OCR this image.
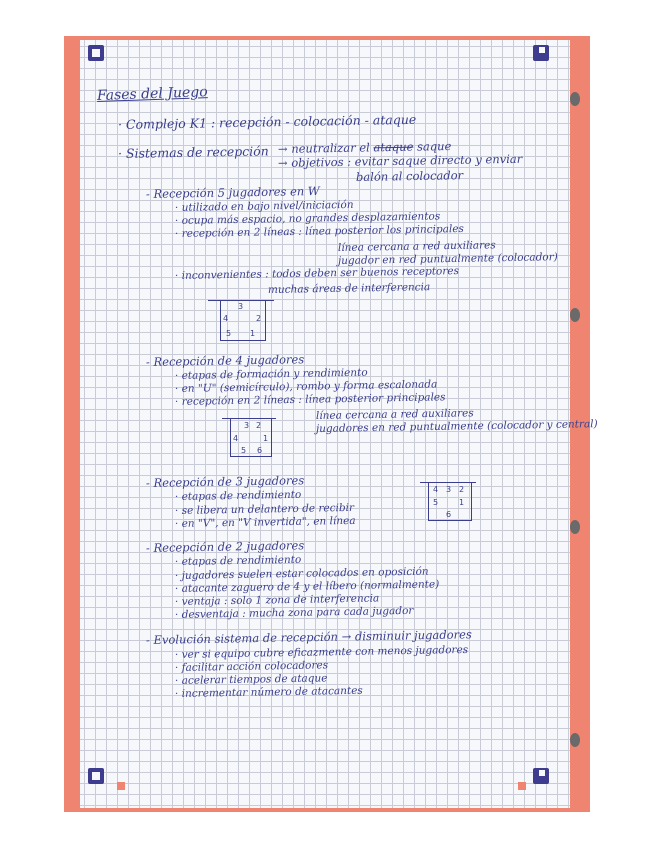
Fases del Juego
· Complejo K1 : recepción - colocación - ataque
· Sistemas de recepción → neutralizar el ataque saque
→ objetivos : evitar saque directo y enviar
balón al colocador
- Recepción 5 jugadores en W
· utilizado en bajo nivel/iniciación
· ocupa más espacio, no grandes desplazamientos
· recepción en 2 líneas : línea posterior los principales
línea cercana a red auxiliares
jugador en red puntualmente (colocador)
· inconvenientes : todos deben ser buenos receptores
muchas áreas de interferencia
3
4	2
5 1
- Recepción de 4 jugadores
· etapas de formación y rendimiento
· en "U" (semicírculo), rombo y forma escalonada
· recepción en 2 líneas : línea posterior principales
línea cercana a red auxiliares
jugadores en red puntualmente (colocador y central)
3 2
4	1
5 6
- Recepción de 3 jugadores
· etapas de rendimiento
· se libera un delantero de recibir
· en "V", en "V invertida", en línea
4 3 2
5	1
6
- Recepción de 2 jugadores
· etapas de rendimiento
· jugadores suelen estar colocados en oposición
· atacante zaguero de 4 y el líbero (normalmente)
· ventaja : solo 1 zona de interferencia
· desventaja : mucha zona para cada jugador
- Evolución sistema de recepción → disminuir jugadores
· ver si equipo cubre eficazmente con menos jugadores
· facilitar acción colocadores
· acelerar tiempos de ataque
· incrementar número de atacantes
